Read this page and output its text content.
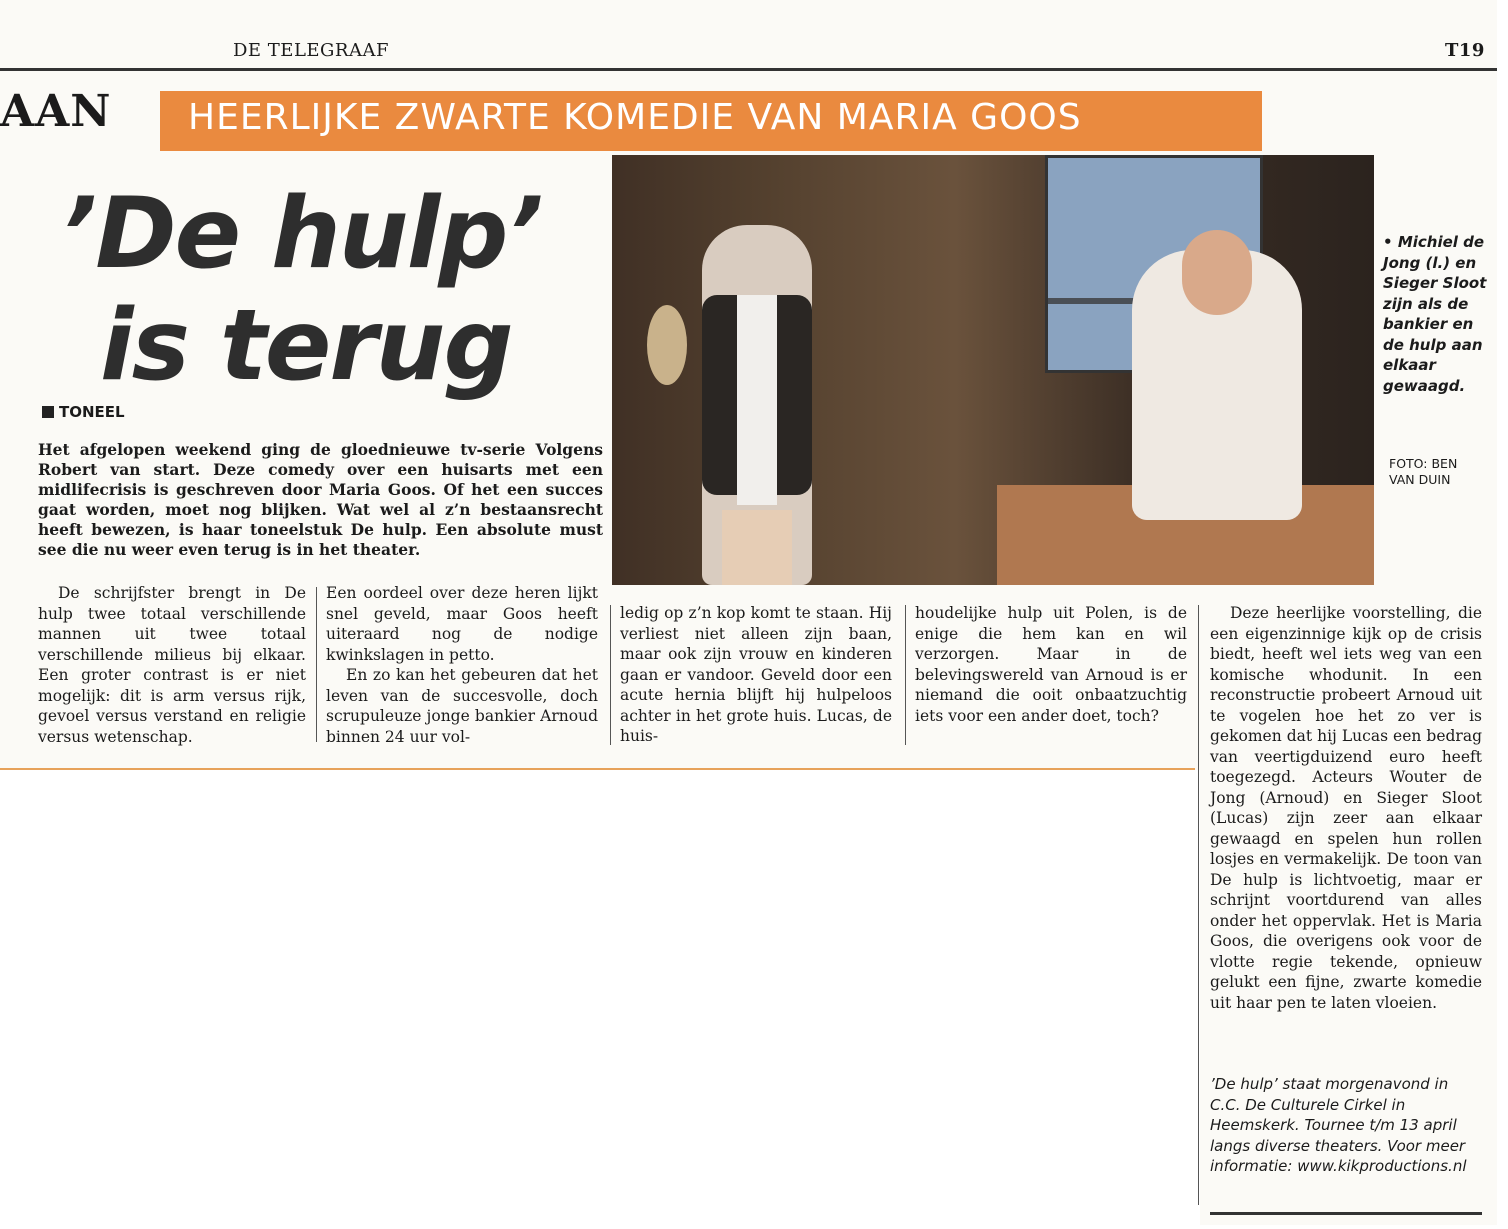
DE TELEGRAAF	T19
AAN HEERLIJKE ZWARTE KOMEDIE VAN MARIA GOOS
’De hulp’
is terug
TONEEL
Het afgelopen weekend ging de gloednieuwe tv-serie Volgens Robert van start. Deze comedy over een huisarts met een midlifecrisis is geschreven door Maria Goos. Of het een succes gaat worden, moet nog blijken. Wat wel al z’n bestaansrecht heeft bewezen, is haar toneelstuk De hulp. Een absolute must see die nu weer even terug is in het theater.
• Michiel de Jong (l.) en Sieger Sloot zijn als de bankier en de hulp aan elkaar gewaagd.
FOTO: BEN VAN DUIN

De schrijfster brengt in De hulp twee totaal verschillende mannen uit twee totaal verschillende milieus bij elkaar. Een groter contrast is er niet mogelijk: dit is arm versus rijk, gevoel versus verstand en religie versus wetenschap.

Een oordeel over deze heren lijkt snel geveld, maar Goos heeft uiteraard nog de nodige kwinkslagen in petto.

En zo kan het gebeuren dat het leven van de succesvolle, doch scrupuleuze jonge bankier Arnoud binnen 24 uur vol-

ledig op z’n kop komt te staan. Hij verliest niet alleen zijn baan, maar ook zijn vrouw en kinderen gaan er vandoor. Geveld door een acute hernia blijft hij hulpeloos achter in het grote huis. Lucas, de huis-

houdelijke hulp uit Polen, is de enige die hem kan en wil verzorgen. Maar in de belevingswereld van Arnoud is er niemand die ooit onbaatzuchtig iets voor een ander doet, toch?

Deze heerlijke voorstelling, die een eigenzinnige kijk op de crisis biedt, heeft wel iets weg van een komische whodunit. In een reconstructie probeert Arnoud uit te vogelen hoe het zo ver is gekomen dat hij Lucas een bedrag van veertigduizend euro heeft toegezegd. Acteurs Wouter de Jong (Arnoud) en Sieger Sloot (Lucas) zijn zeer aan elkaar gewaagd en spelen hun rollen losjes en vermakelijk. De toon van De hulp is lichtvoetig, maar er schrijnt voortdurend van alles onder het oppervlak. Het is Maria Goos, die overigens ook voor de vlotte regie tekende, opnieuw gelukt een fijne, zwarte komedie uit haar pen te laten vloeien.

’De hulp’ staat morgenavond in C.C. De Culturele Cirkel in Heemskerk. Tournee t/m 13 april langs diverse theaters. Voor meer informatie: www.kikproductions.nl
